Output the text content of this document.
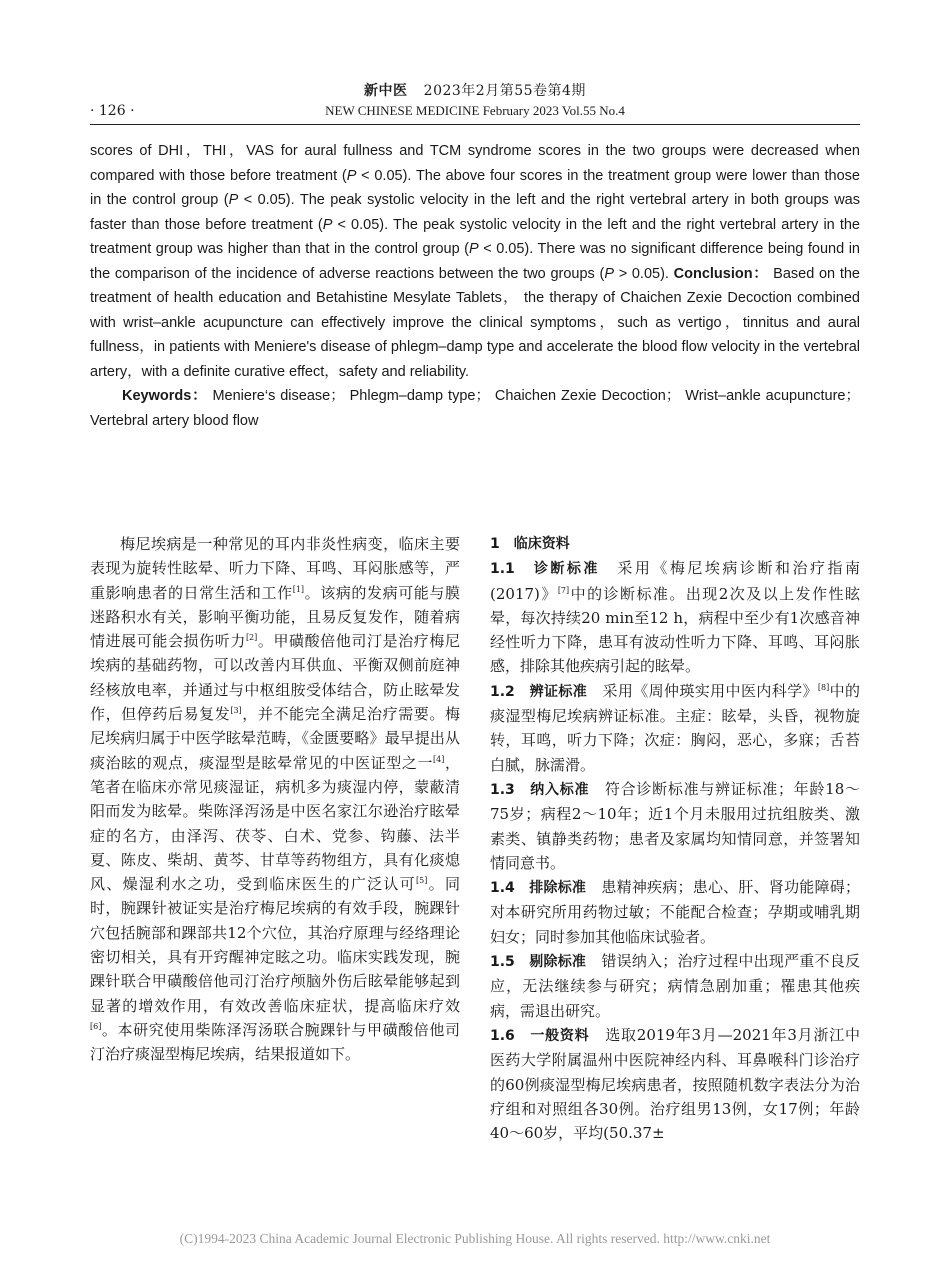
新中医 2023年2月第55卷第4期
· 126 ·	NEW CHINESE MEDICINE February 2023 Vol.55 No.4

scores of DHI，THI，VAS for aural fullness and TCM syndrome scores in the two groups were decreased when compared with those before treatment (P < 0.05). The above four scores in the treatment group were lower than those in the control group (P < 0.05). The peak systolic velocity in the left and the right vertebral artery in both groups was faster than those before treatment (P < 0.05). The peak systolic velocity in the left and the right vertebral artery in the treatment group was higher than that in the control group (P < 0.05). There was no significant difference being found in the comparison of the incidence of adverse reactions between the two groups (P > 0.05). Conclusion： Based on the treatment of health education and Betahistine Mesylate Tablets， the therapy of Chaichen Zexie Decoction combined with wrist–ankle acupuncture can effectively improve the clinical symptoms，such as vertigo，tinnitus and aural fullness，in patients with Meniere's disease of phlegm–damp type and accelerate the blood flow velocity in the vertebral artery，with a definite curative effect，safety and reliability.

Keywords： Meniere‘s disease； Phlegm–damp type； Chaichen Zexie Decoction； Wrist–ankle acupuncture；Vertebral artery blood flow

梅尼埃病是一种常见的耳内非炎性病变，临床主要表现为旋转性眩晕、听力下降、耳鸣、耳闷胀感等，严重影响患者的日常生活和工作[1]。该病的发病可能与膜迷路积水有关，影响平衡功能，且易反复发作，随着病情进展可能会损伤听力[2]。甲磺酸倍他司汀是治疗梅尼埃病的基础药物，可以改善内耳供血、平衡双侧前庭神经核放电率，并通过与中枢组胺受体结合，防止眩晕发作，但停药后易复发[3]，并不能完全满足治疗需要。梅尼埃病归属于中医学眩晕范畴，《金匮要略》最早提出从痰治眩的观点，痰湿型是眩晕常见的中医证型之一[4]，笔者在临床亦常见痰湿证，病机多为痰湿内停，蒙蔽清阳而发为眩晕。柴陈泽泻汤是中医名家江尔逊治疗眩晕症的名方，由泽泻、茯苓、白术、党参、钩藤、法半夏、陈皮、柴胡、黄芩、甘草等药物组方，具有化痰熄风、燥湿利水之功，受到临床医生的广泛认可[5]。同时，腕踝针被证实是治疗梅尼埃病的有效手段，腕踝针穴包括腕部和踝部共12个穴位，其治疗原理与经络理论密切相关，具有开窍醒神定眩之功。临床实践发现，腕踝针联合甲磺酸倍他司汀治疗颅脑外伤后眩晕能够起到显著的增效作用，有效改善临床症状，提高临床疗效[6]。本研究使用柴陈泽泻汤联合腕踝针与甲磺酸倍他司汀治疗痰湿型梅尼埃病，结果报道如下。

1　临床资料

1.1　诊断标准　采用《梅尼埃病诊断和治疗指南(2017)》[7]中的诊断标准。出现2次及以上发作性眩晕，每次持续20 min至12 h，病程中至少有1次感音神经性听力下降，患耳有波动性听力下降、耳鸣、耳闷胀感，排除其他疾病引起的眩晕。

1.2　辨证标准　采用《周仲瑛实用中医内科学》[8]中的痰湿型梅尼埃病辨证标准。主症：眩晕，头昏，视物旋转，耳鸣，听力下降；次症：胸闷，恶心，多寐；舌苔白腻，脉濡滑。

1.3　纳入标准　符合诊断标准与辨证标准；年龄18～75岁；病程2～10年；近1个月未服用过抗组胺类、激素类、镇静类药物；患者及家属均知情同意，并签署知情同意书。

1.4　排除标准　患精神疾病；患心、肝、肾功能障碍；对本研究所用药物过敏；不能配合检查；孕期或哺乳期妇女；同时参加其他临床试验者。

1.5　剔除标准　错误纳入；治疗过程中出现严重不良反应，无法继续参与研究；病情急剧加重；罹患其他疾病，需退出研究。

1.6　一般资料　选取2019年3月—2021年3月浙江中医药大学附属温州中医院神经内科、耳鼻喉科门诊治疗的60例痰湿型梅尼埃病患者，按照随机数字表法分为治疗组和对照组各30例。治疗组男13例，女17例；年龄40～60岁，平均(50.37±

(C)1994-2023 China Academic Journal Electronic Publishing House. All rights reserved. http://www.cnki.net
